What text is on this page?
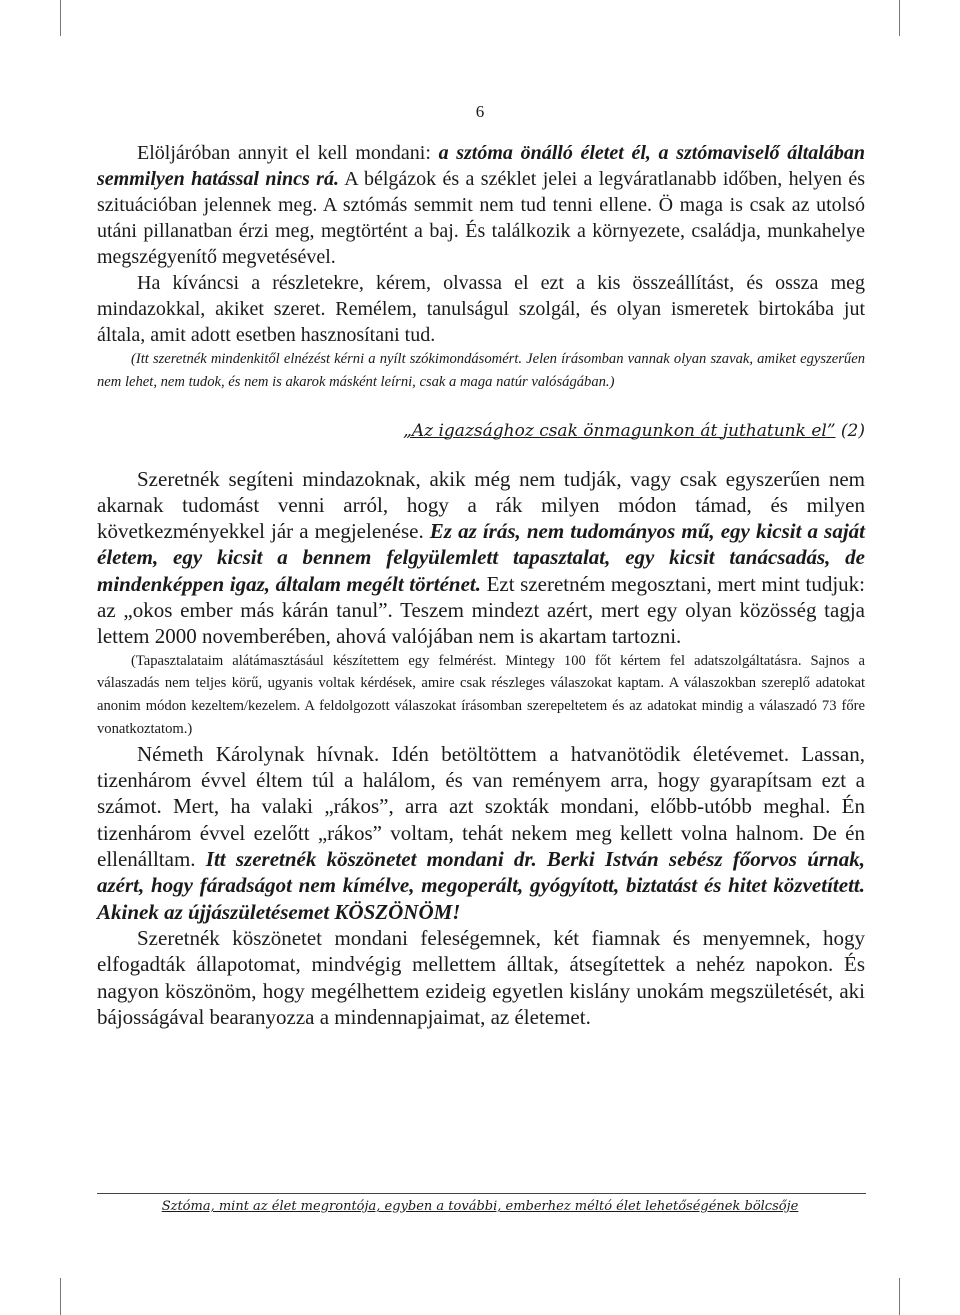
6

Elöljáróban annyit el kell mondani: a sztóma önálló életet él, a sztómaviselő általában semmilyen hatással nincs rá. A bélgázok és a széklet jelei a legváratlanabb időben, helyen és szituációban jelennek meg. A sztómás semmit nem tud tenni ellene. Ö maga is csak az utolsó utáni pillanatban érzi meg, megtörtént a baj. És találkozik a környezete, családja, munkahelye megszégyenítő megvetésével.

Ha kíváncsi a részletekre, kérem, olvassa el ezt a kis összeállítást, és ossza meg mindazokkal, akiket szeret. Remélem, tanulságul szolgál, és olyan ismeretek birtokába jut általa, amit adott esetben hasznosítani tud.

(Itt szeretnék mindenkitől elnézést kérni a nyílt szókimondásomért. Jelen írásomban vannak olyan szavak, amiket egyszerűen nem lehet, nem tudok, és nem is akarok másként leírni, csak a maga natúr valóságában.)

„Az igazsághoz csak önmagunkon át juthatunk el” (2)

Szeretnék segíteni mindazoknak, akik még nem tudják, vagy csak egyszerűen nem akarnak tudomást venni arról, hogy a rák milyen módon támad, és milyen következményekkel jár a megjelenése. Ez az írás, nem tudományos mű, egy kicsit a saját életem, egy kicsit a bennem felgyülemlett tapasztalat, egy kicsit tanácsadás, de mindenképpen igaz, általam megélt történet. Ezt szeretném megosztani, mert mint tudjuk: az „okos ember más kárán tanul”. Teszem mindezt azért, mert egy olyan közösség tagja lettem 2000 novemberében, ahová valójában nem is akartam tartozni.

(Tapasztalataim alátámasztásául készítettem egy felmérést. Mintegy 100 főt kértem fel adatszolgáltatásra. Sajnos a válaszadás nem teljes körű, ugyanis voltak kérdések, amire csak részleges válaszokat kaptam. A válaszokban szereplő adatokat anonim módon kezeltem/kezelem. A feldolgozott válaszokat írásomban szerepeltetem és az adatokat mindig a válaszadó 73 főre vonatkoztatom.)

Németh Károlynak hívnak. Idén betöltöttem a hatvanötödik életévemet. Lassan, tizenhárom évvel éltem túl a halálom, és van reményem arra, hogy gyarapítsam ezt a számot. Mert, ha valaki „rákos”, arra azt szokták mondani, előbb-utóbb meghal. Én tizenhárom évvel ezelőtt „rákos” voltam, tehát nekem meg kellett volna halnom. De én ellenálltam. Itt szeretnék köszönetet mondani dr. Berki István sebész főorvos úrnak, azért, hogy fáradságot nem kímélve, megoperált, gyógyított, biztatást és hitet közvetített. Akinek az újjászületésemet KÖSZÖNÖM!

Szeretnék köszönetet mondani feleségemnek, két fiamnak és menyemnek, hogy elfogadták állapotomat, mindvégig mellettem álltak, átsegítettek a nehéz napokon. És nagyon köszönöm, hogy megélhettem ezideig egyetlen kislány unokám megszületését, aki bájosságával bearanyozza a mindennapjaimat, az életemet.

Sztóma, mint az élet megrontója, egyben a további, emberhez méltó élet lehetőségének bölcsője
